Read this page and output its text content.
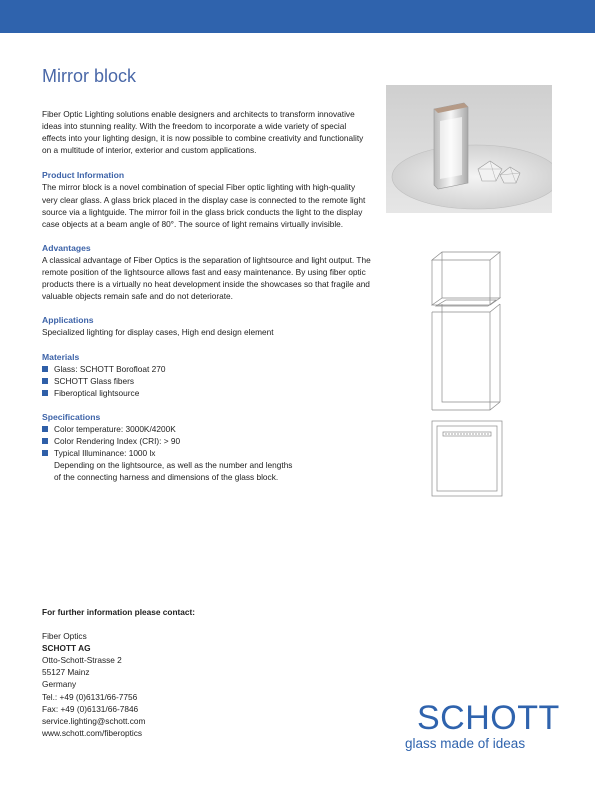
Mirror block

Fiber Optic Lighting solutions enable designers and architects to transform innovative ideas into stunning reality. With the freedom to incorporate a wide variety of special effects into your lighting design, it is now possible to combine creativity and functionality on a multitude of interior, exterior and custom applications.

Product Information

The mirror block is a novel combination of special Fiber optic lighting with high-quality very clear glass. A glass brick placed in the display case is connected to the remote light source via a lightguide. The mirror foil in the glass brick conducts the light to the display case objects at a beam angle of 80°. The source of light remains virtually invisible.

Advantages

A classical advantage of Fiber Optics is the separation of lightsource and light output. The remote position of the lightsource allows fast and easy maintenance. By using fiber optic products there is a virtually no heat development inside the showcases so that fragile and valuable objects remain safe and do not deteriorate.

Applications

Specialized lighting for display cases, High end design element

Materials

Glass: SCHOTT Borofloat 270
SCHOTT Glass fibers
Fiberoptical lightsource

Specifications

Color temperature: 3000K/4200K
Color Rendering Index (CRI): > 90
Typical Illuminance: 1000 lx

Depending on the lightsource, as well as the number and lengths

of the connecting harness and dimensions of the glass block.

For further information please contact:

Fiber Optics

SCHOTT AG

Otto-Schott-Strasse 2

55127 Mainz

Germany

Tel.: +49 (0)6131/66-7756

Fax: +49 (0)6131/66-7846

service.lighting@schott.com

www.schott.com/fiberoptics	SCHOTT
glass made of ideas
